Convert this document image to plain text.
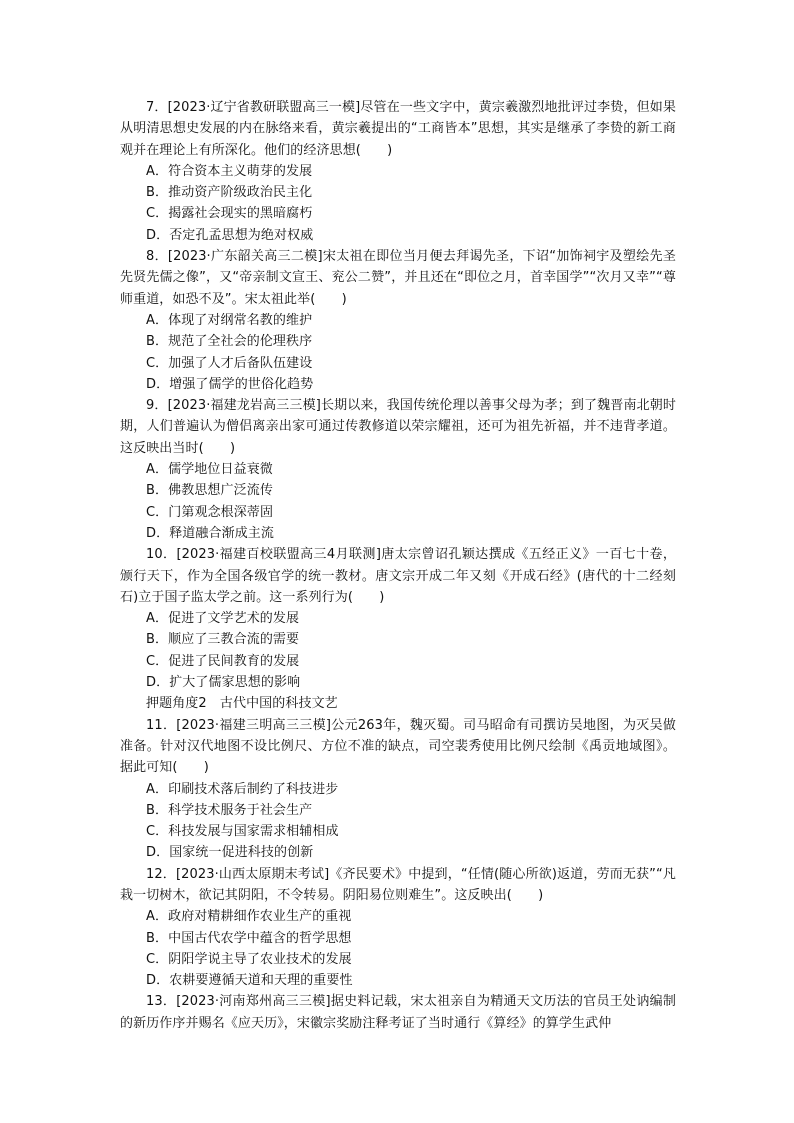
7．[2023·辽宁省教研联盟高三一模]尽管在一些文字中，黄宗羲激烈地批评过李贽，但如果从明清思想史发展的内在脉络来看，黄宗羲提出的“工商皆本”思想，其实是继承了李贽的新工商观并在理论上有所深化。他们的经济思想(　　)

A．符合资本主义萌芽的发展

B．推动资产阶级政治民主化

C．揭露社会现实的黑暗腐朽

D．否定孔孟思想为绝对权威

8．[2023·广东韶关高三二模]宋太祖在即位当月便去拜谒先圣，下诏“加饰祠宇及塑绘先圣先贤先儒之像”，又“帝亲制文宣王、兖公二赞”，并且还在“即位之月，首幸国学”“次月又幸”“尊师重道，如恐不及”。宋太祖此举(　　)

A．体现了对纲常名教的维护

B．规范了全社会的伦理秩序

C．加强了人才后备队伍建设

D．增强了儒学的世俗化趋势

9．[2023·福建龙岩高三三模]长期以来，我国传统伦理以善事父母为孝；到了魏晋南北朝时期，人们普遍认为僧侣离亲出家可通过传教修道以荣宗耀祖，还可为祖先祈福，并不违背孝道。这反映出当时(　　)

A．儒学地位日益衰微

B．佛教思想广泛流传

C．门第观念根深蒂固

D．释道融合渐成主流

10．[2023·福建百校联盟高三4月联测]唐太宗曾诏孔颖达撰成《五经正义》一百七十卷，颁行天下，作为全国各级官学的统一教材。唐文宗开成二年又刻《开成石经》(唐代的十二经刻石)立于国子监太学之前。这一系列行为(　　)

A．促进了文学艺术的发展

B．顺应了三教合流的需要

C．促进了民间教育的发展

D．扩大了儒家思想的影响

押题角度2　古代中国的科技文艺

11．[2023·福建三明高三三模]公元263年，魏灭蜀。司马昭命有司撰访吴地图，为灭吴做准备。针对汉代地图不设比例尺、方位不准的缺点，司空裴秀使用比例尺绘制《禹贡地域图》。据此可知(　　)

A．印刷技术落后制约了科技进步

B．科学技术服务于社会生产

C．科技发展与国家需求相辅相成

D．国家统一促进科技的创新

12．[2023·山西太原期末考试]《齐民要术》中提到，“任情(随心所欲)返道，劳而无获”“凡栽一切树木，欲记其阴阳，不令转易。阴阳易位则难生”。这反映出(　　)

A．政府对精耕细作农业生产的重视

B．中国古代农学中蕴含的哲学思想

C．阴阳学说主导了农业技术的发展

D．农耕要遵循天道和天理的重要性

13．[2023·河南郑州高三三模]据史料记载，宋太祖亲自为精通天文历法的官员王处讷编制的新历作序并赐名《应天历》，宋徽宗奖励注释考证了当时通行《算经》的算学生武仲
